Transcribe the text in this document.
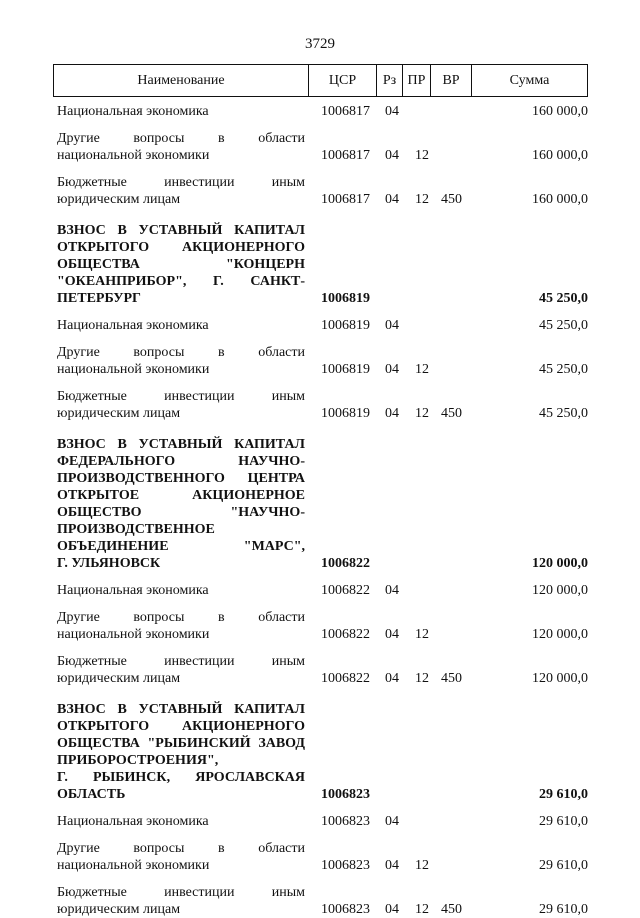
3729
Наименование	ЦСР	Рз ПР	ВР	Сумма
Национальная экономика	1006817 04	160 000,0
Другие вопросы в области
национальной экономики	1006817 04 12	160 000,0
Бюджетные инвестиции иным
юридическим лицам	1006817 04 12 450	160 000,0
ВЗНОС В УСТАВНЫЙ КАПИТАЛ
ОТКРЫТОГО АКЦИОНЕРНОГО
ОБЩЕСТВА "КОНЦЕРН
"ОКЕАНПРИБОР", Г. САНКТ-
ПЕТЕРБУРГ	1006819	45 250,0
Национальная экономика	1006819 04	45 250,0
Другие вопросы в области
национальной экономики	1006819 04 12	45 250,0
Бюджетные инвестиции иным
юридическим лицам	1006819 04 12 450	45 250,0
ВЗНОС В УСТАВНЫЙ КАПИТАЛ
ФЕДЕРАЛЬНОГО НАУЧНО-
ПРОИЗВОДСТВЕННОГО ЦЕНТРА
ОТКРЫТОЕ АКЦИОНЕРНОЕ
ОБЩЕСТВО "НАУЧНО-
ПРОИЗВОДСТВЕННОЕ
ОБЪЕДИНЕНИЕ "МАРС",
Г. УЛЬЯНОВСК	1006822	120 000,0
Национальная экономика	1006822 04	120 000,0
Другие вопросы в области
национальной экономики	1006822 04 12	120 000,0
Бюджетные инвестиции иным
юридическим лицам	1006822 04 12 450	120 000,0
ВЗНОС В УСТАВНЫЙ КАПИТАЛ
ОТКРЫТОГО АКЦИОНЕРНОГО
ОБЩЕСТВА "РЫБИНСКИЙ ЗАВОД
ПРИБОРОСТРОЕНИЯ",
Г. РЫБИНСК, ЯРОСЛАВСКАЯ
ОБЛАСТЬ	1006823	29 610,0
Национальная экономика	1006823 04	29 610,0
Другие вопросы в области
национальной экономики	1006823 04 12	29 610,0
Бюджетные инвестиции иным
юридическим лицам	1006823 04 12 450	29 610,0
